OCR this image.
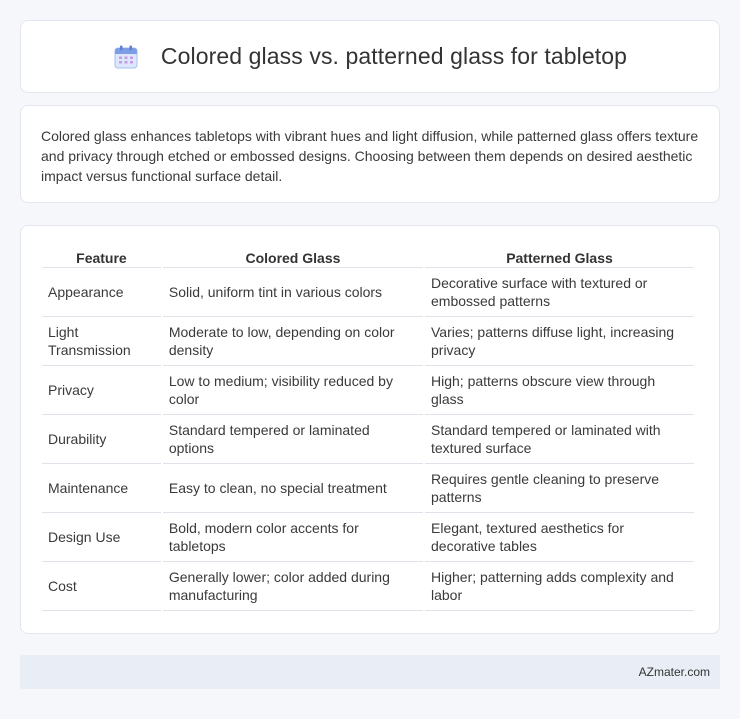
Colored glass vs. patterned glass for tabletop

Colored glass enhances tabletops with vibrant hues and light diffusion, while patterned glass offers texture and privacy through etched or embossed designs. Choosing between them depends on desired aesthetic impact versus functional surface detail.

Feature	Colored Glass	Patterned Glass
Appearance	Solid, uniform tint in various colors	Decorative surface with textured or embossed patterns
Light Transmission	Moderate to low, depending on color density	Varies; patterns diffuse light, increasing privacy
Privacy	Low to medium; visibility reduced by color	High; patterns obscure view through glass
Durability	Standard tempered or laminated options	Standard tempered or laminated with textured surface
Maintenance	Easy to clean, no special treatment	Requires gentle cleaning to preserve patterns
Design Use	Bold, modern color accents for tabletops	Elegant, textured aesthetics for decorative tables
Cost	Generally lower; color added during manufacturing	Higher; patterning adds complexity and labor
AZmater.com
